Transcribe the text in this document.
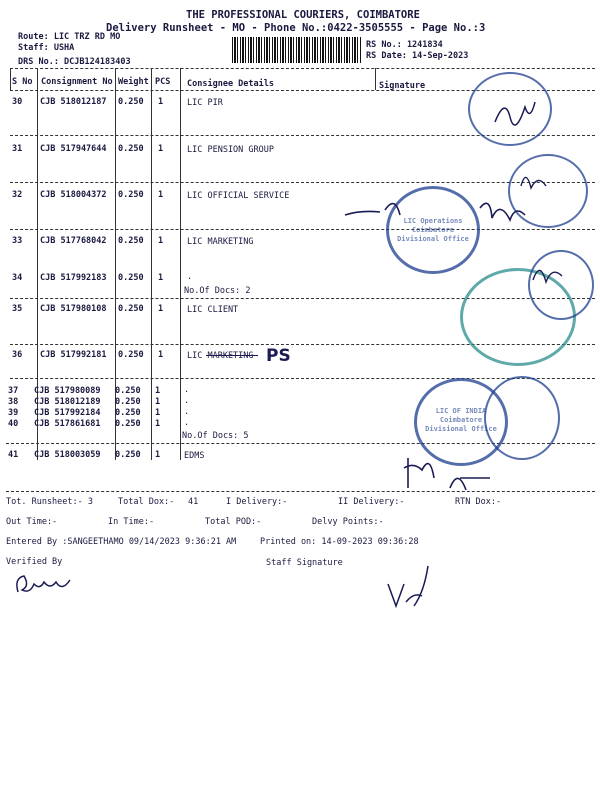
THE PROFESSIONAL COURIERS, COIMBATORE
Delivery Runsheet - MO - Phone No.:0422-3505555 - Page No.:3
Route: LIC TRZ RD MO
Staff: USHA
DRS No.: DCJB124183403
RS No.: 1241834
RS Date: 14-Sep-2023
S No Consignment No Weight PCS Consignee Details	Signature
30 CJB 518012187 0.250 1	LIC PIR
31 CJB 517947644 0.250 1	LIC PENSION GROUP
32 CJB 518004372 0.250 1	LIC OFFICIAL SERVICE
33 CJB 517768042 0.250 1	LIC MARKETING
34 CJB 517992183 0.250 1	.
No.Of Docs: 2
35 CJB 517980108 0.250 1	LIC CLIENT
36 CJB 517992181 0.250 1	LIC MARKETING PS
37 CJB 517980089 0.250 1	.
38 CJB 518012189 0.250 1	.
39 CJB 517992184 0.250 1	.
40 CJB 517861681 0.250 1	.
No.Of Docs: 5
41 CJB 518003059 0.250 1	EDMS
Tot. Runsheet:- 3	Total Dox:- 41	I Delivery:-	II Delivery:-	RTN Dox:-
Out Time:-	In Time:-	Total POD:-	Delvy Points:-
Entered By :SANGEETHAMO 09/14/2023 9:36:21 AM	Printed on: 14-09-2023 09:36:28
Verified By	Staff Signature
LIC Operations Coimbatore Divisional Office
LIC OF INDIA Coimbatore Divisional Office
